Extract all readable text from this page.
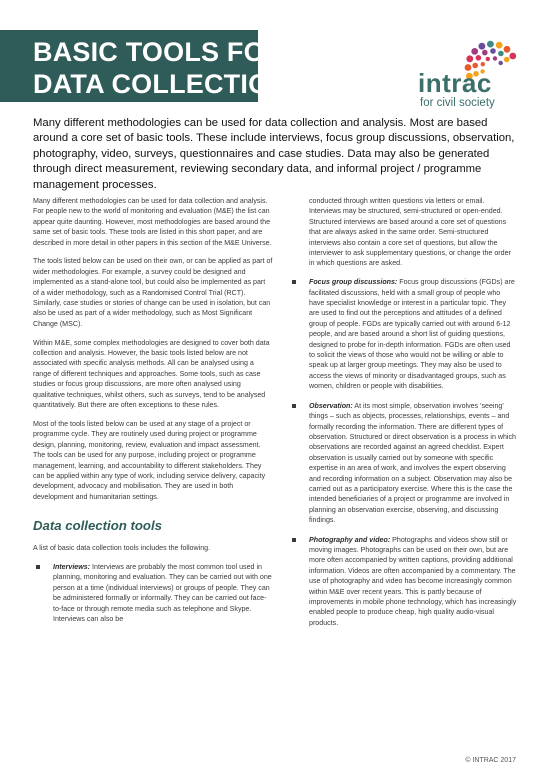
BASIC TOOLS FOR
DATA COLLECTION	intrac
for civil society

Many different methodologies can be used for data collection and analysis. Most are based around a core set of basic tools. These include interviews, focus group discussions, observation, photography, video, surveys, questionnaires and case studies. Data may also be generated through direct measurement, reviewing secondary data, and informal project / programme management processes.

Many different methodologies can be used for data collection and analysis. For people new to the world of monitoring and evaluation (M&E) the list can appear quite daunting. However, most methodologies are based around the same set of basic tools. These tools are listed in this short paper, and are described in more detail in other papers in this section of the M&E Universe.

The tools listed below can be used on their own, or can be applied as part of wider methodologies. For example, a survey could be designed and implemented as a stand-alone tool, but could also be implemented as part of a wider methodology, such as a Randomised Control Trial (RCT). Similarly, case studies or stories of change can be used in isolation, but can also be used as part of a wider methodology, such as Most Significant Change (MSC).

Within M&E, some complex methodologies are designed to cover both data collection and analysis. However, the basic tools listed below are not associated with specific analysis methods. All can be analysed using a range of different techniques and approaches. Some tools, such as case studies or focus group discussions, are more often analysed using qualitative techniques, whilst others, such as surveys, tend to be analysed quantitatively. But there are often exceptions to these rules.

Most of the tools listed below can be used at any stage of a project or programme cycle. They are routinely used during project or programme design, planning, monitoring, review, evaluation and impact assessment. The tools can be used for any purpose, including project or programme management, learning, and accountability to different stakeholders. They can be applied within any type of work, including service delivery, capacity development, advocacy and mobilisation. They are used in both development and humanitarian settings.

Data collection tools

A list of basic data collection tools includes the following.

Interviews: Interviews are probably the most common tool used in planning, monitoring and evaluation. They can be carried out with one person at a time (individual interviews) or groups of people. They can be administered formally or informally. They can be carried out face-to-face or through remote media such as telephone and Skype. Interviews can also be

conducted through written questions via letters or email. Interviews may be structured, semi-structured or open-ended. Structured interviews are based around a core set of questions that are always asked in the same order. Semi-structured interviews also contain a core set of questions, but allow the interviewer to ask supplementary questions, or change the order in which questions are asked.

Focus group discussions: Focus group discussions (FGDs) are facilitated discussions, held with a small group of people who have specialist knowledge or interest in a particular topic. They are used to find out the perceptions and attitudes of a defined group of people. FGDs are typically carried out with around 6-12 people, and are based around a short list of guiding questions, designed to probe for in-depth information. FGDs are often used to solicit the views of those who would not be willing or able to speak up at larger group meetings. They may also be used to access the views of minority or disadvantaged groups, such as women, children or people with disabilities.
Observation: At its most simple, observation involves 'seeing' things – such as objects, processes, relationships, events – and formally recording the information. There are different types of observation. Structured or direct observation is a process in which observations are recorded against an agreed checklist. Expert observation is usually carried out by someone with specific expertise in an area of work, and involves the expert observing and recording information on a subject. Observation may also be carried out as a participatory exercise. Where this is the case the intended beneficiaries of a project or programme are involved in planning an observation exercise, observing, and discussing findings.
Photography and video: Photographs and videos show still or moving images. Photographs can be used on their own, but are more often accompanied by written captions, providing additional information. Videos are often accompanied by a commentary. The use of photography and video has become increasingly common within M&E over recent years. This is partly because of improvements in mobile phone technology, which has increasingly enabled people to produce cheap, high quality audio-visual products.
© INTRAC 2017
